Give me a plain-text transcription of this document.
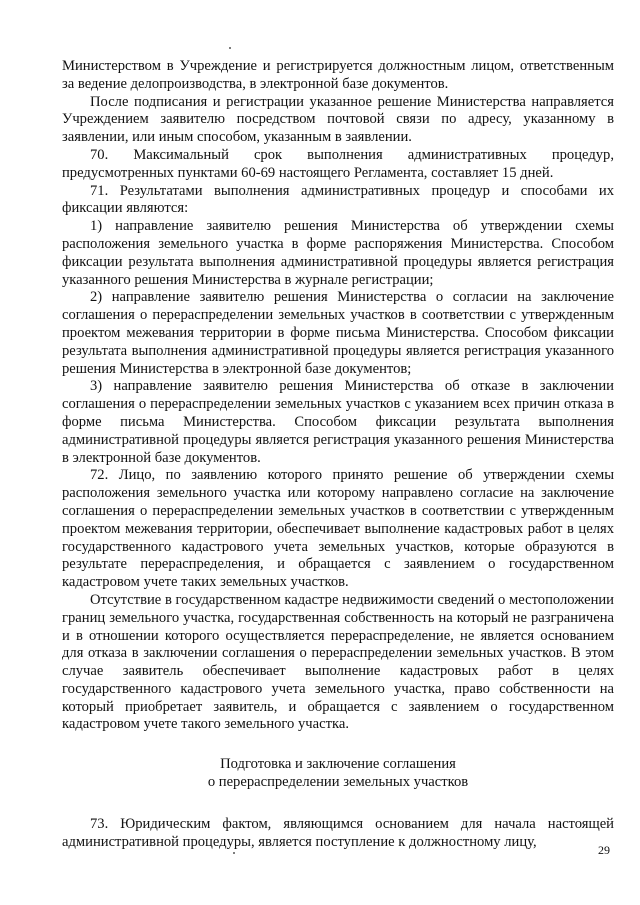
Министерством в Учреждение и регистрируется должностным лицом, ответственным за ведение делопроизводства, в электронной базе документов.

После подписания и регистрации указанное решение Министерства направляется Учреждением заявителю посредством почтовой связи по адресу, указанному в заявлении, или иным способом, указанным в заявлении.

70. Максимальный срок выполнения административных процедур, предусмотренных пунктами 60-69 настоящего Регламента, составляет 15 дней.

71. Результатами выполнения административных процедур и способами их фиксации являются:

1) направление заявителю решения Министерства об утверждении схемы расположения земельного участка в форме распоряжения Министерства. Способом фиксации результата выполнения административной процедуры является регистрация указанного решения Министерства в журнале регистрации;

2) направление заявителю решения Министерства о согласии на заключение соглашения о перераспределении земельных участков в соответствии с утвержденным проектом межевания территории в форме письма Министерства. Способом фиксации результата выполнения административной процедуры является регистрация указанного решения Министерства в электронной базе документов;

3) направление заявителю решения Министерства об отказе в заключении соглашения о перераспределении земельных участков с указанием всех причин отказа в форме письма Министерства. Способом фиксации результата выполнения административной процедуры является регистрация указанного решения Министерства в электронной базе документов.

72. Лицо, по заявлению которого принято решение об утверждении схемы расположения земельного участка или которому направлено согласие на заключение соглашения о перераспределении земельных участков в соответствии с утвержденным проектом межевания территории, обеспечивает выполнение кадастровых работ в целях государственного кадастрового учета земельных участков, которые образуются в результате перераспределения, и обращается с заявлением о государственном кадастровом учете таких земельных участков.

Отсутствие в государственном кадастре недвижимости сведений о местоположении границ земельного участка, государственная собственность на который не разграничена и в отношении которого осуществляется перераспределение, не является основанием для отказа в заключении соглашения о перераспределении земельных участков. В этом случае заявитель обеспечивает выполнение кадастровых работ в целях государственного кадастрового учета земельного участка, право собственности на который приобретает заявитель, и обращается с заявлением о государственном кадастровом учете такого земельного участка.

Подготовка и заключение соглашения
о перераспределении земельных участков

73. Юридическим фактом, являющимся основанием для начала настоящей административной процедуры, является поступление к должностному лицу,

29
